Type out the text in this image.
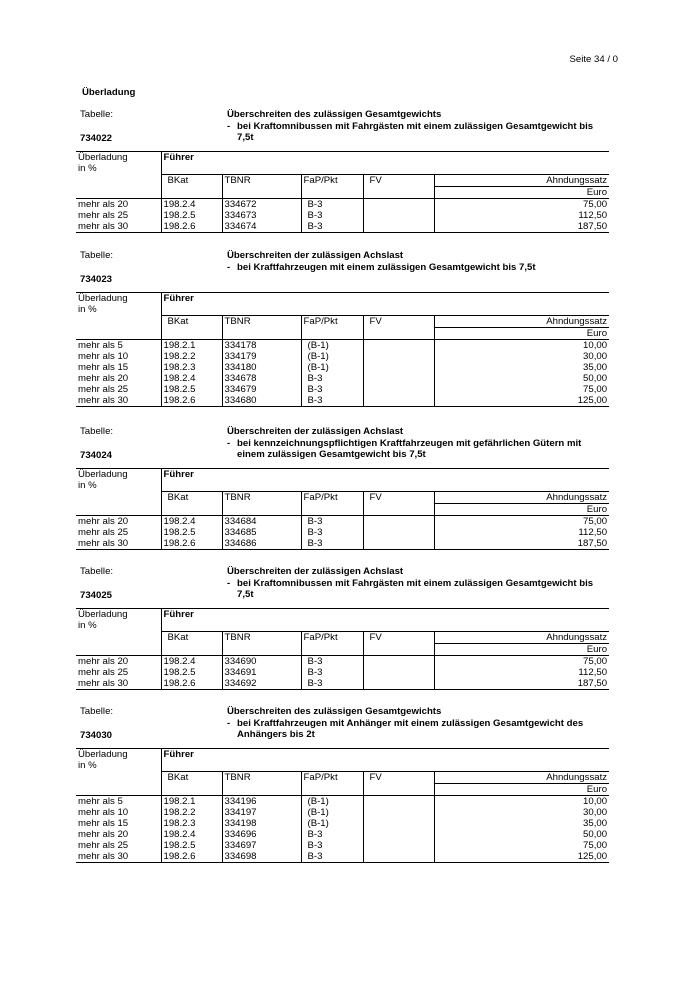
Seite 34 / 0
Überladung
Tabelle:
734022
Überschreiten des zulässigen Gesamtgewichts
- bei Kraftomnibussen mit Fahrgästen mit einem zulässigen Gesamtgewicht bis 7,5t
Überladung	Führer				
in %					
	BKat	TBNR	FaP/Pkt	FV	Ahndungssatz
					Euro
mehr als 20	198.2.4	334672	B-3		75,00
mehr als 25	198.2.5	334673	B-3		112,50
mehr als 30	198.2.6	334674	B-3		187,50
Tabelle:
734023
Überschreiten der zulässigen Achslast
- bei Kraftfahrzeugen mit einem zulässigen Gesamtgewicht bis 7,5t
Überladung	Führer				
in %					
	BKat	TBNR	FaP/Pkt	FV	Ahndungssatz
					Euro
mehr als 5	198.2.1	334178	(B-1)		10,00
mehr als 10	198.2.2	334179	(B-1)		30,00
mehr als 15	198.2.3	334180	(B-1)		35,00
mehr als 20	198.2.4	334678	B-3		50,00
mehr als 25	198.2.5	334679	B-3		75,00
mehr als 30	198.2.6	334680	B-3		125,00
Tabelle:
734024
Überschreiten der zulässigen Achslast
- bei kennzeichnungspflichtigen Kraftfahrzeugen mit gefährlichen Gütern mit einem zulässigen Gesamtgewicht bis 7,5t
Überladung	Führer				
in %					
	BKat	TBNR	FaP/Pkt	FV	Ahndungssatz
					Euro
mehr als 20	198.2.4	334684	B-3		75,00
mehr als 25	198.2.5	334685	B-3		112,50
mehr als 30	198.2.6	334686	B-3		187,50
Tabelle:
734025
Überschreiten der zulässigen Achslast
- bei Kraftomnibussen mit Fahrgästen mit einem zulässigen Gesamtgewicht bis 7,5t
Überladung	Führer				
in %					
	BKat	TBNR	FaP/Pkt	FV	Ahndungssatz
					Euro
mehr als 20	198.2.4	334690	B-3		75,00
mehr als 25	198.2.5	334691	B-3		112,50
mehr als 30	198.2.6	334692	B-3		187,50
Tabelle:
734030
Überschreiten des zulässigen Gesamtgewichts
- bei Kraftfahrzeugen mit Anhänger mit einem zulässigen Gesamtgewicht des Anhängers bis 2t
Überladung	Führer				
in %					
	BKat	TBNR	FaP/Pkt	FV	Ahndungssatz
					Euro
mehr als 5	198.2.1	334196	(B-1)		10,00
mehr als 10	198.2.2	334197	(B-1)		30,00
mehr als 15	198.2.3	334198	(B-1)		35,00
mehr als 20	198.2.4	334696	B-3		50,00
mehr als 25	198.2.5	334697	B-3		75,00
mehr als 30	198.2.6	334698	B-3		125,00
